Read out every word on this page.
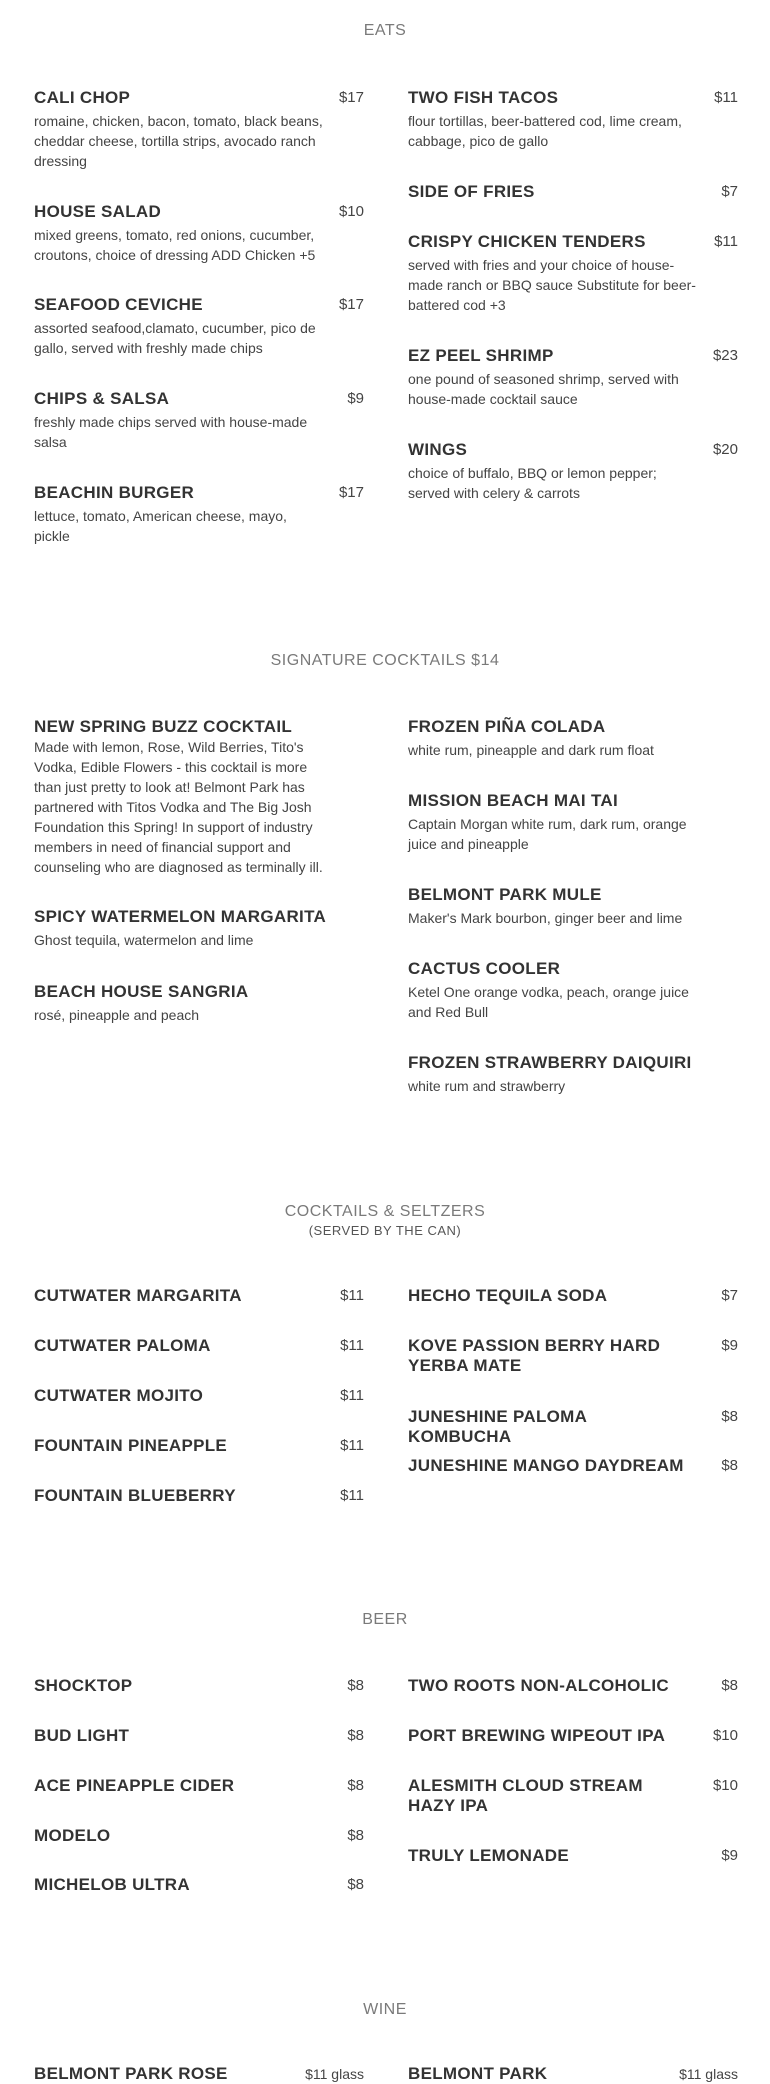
EATS
CALI CHOP	$17
romaine, chicken, bacon, tomato, black beans, cheddar cheese, tortilla strips, avocado ranch dressing
HOUSE SALAD	$10
mixed greens, tomato, red onions, cucumber, croutons, choice of dressing ADD Chicken +5
SEAFOOD CEVICHE	$17
assorted seafood,clamato, cucumber, pico de gallo, served with freshly made chips
CHIPS & SALSA	$9
freshly made chips served with house-made salsa
BEACHIN BURGER	$17
lettuce, tomato, American cheese, mayo, pickle
TWO FISH TACOS	$11
flour tortillas, beer-battered cod, lime cream, cabbage, pico de gallo
SIDE OF FRIES	$7
CRISPY CHICKEN TENDERS	$11
served with fries and your choice of house-made ranch or BBQ sauce Substitute for beer-battered cod +3
EZ PEEL SHRIMP	$23
one pound of seasoned shrimp, served with house-made cocktail sauce
WINGS	$20
choice of buffalo, BBQ or lemon pepper; served with celery & carrots
SIGNATURE COCKTAILS $14
NEW SPRING BUZZ COCKTAIL
Made with lemon, Rose, Wild Berries, Tito's Vodka, Edible Flowers - this cocktail is more than just pretty to look at! Belmont Park has partnered with Titos Vodka and The Big Josh Foundation this Spring! In support of industry members in need of financial support and counseling who are diagnosed as terminally ill.
SPICY WATERMELON MARGARITA
Ghost tequila, watermelon and lime
BEACH HOUSE SANGRIA
rosé, pineapple and peach
FROZEN PIÑA COLADA
white rum, pineapple and dark rum float
MISSION BEACH MAI TAI
Captain Morgan white rum, dark rum, orange juice and pineapple
BELMONT PARK MULE
Maker's Mark bourbon, ginger beer and lime
CACTUS COOLER
Ketel One orange vodka, peach, orange juice and Red Bull
FROZEN STRAWBERRY DAIQUIRI
white rum and strawberry
COCKTAILS & SELTZERS
(SERVED BY THE CAN)
CUTWATER MARGARITA	$11
CUTWATER PALOMA	$11
CUTWATER MOJITO	$11
FOUNTAIN PINEAPPLE	$11
FOUNTAIN BLUEBERRY	$11
HECHO TEQUILA SODA	$7
KOVE PASSION BERRY HARD YERBA MATE
$9
JUNESHINE PALOMA KOMBUCHA
$8
JUNESHINE MANGO DAYDREAM	$8
BEER
SHOCKTOP	$8
BUD LIGHT	$8
ACE PINEAPPLE CIDER	$8
MODELO	$8
MICHELOB ULTRA	$8
TWO ROOTS NON-ALCOHOLIC	$8
PORT BREWING WIPEOUT IPA	$10
ALESMITH CLOUD STREAM HAZY IPA
$10
TRULY LEMONADE	$9
WINE
BELMONT PARK ROSE	$11 glass	BELMONT PARK	$11 glass
